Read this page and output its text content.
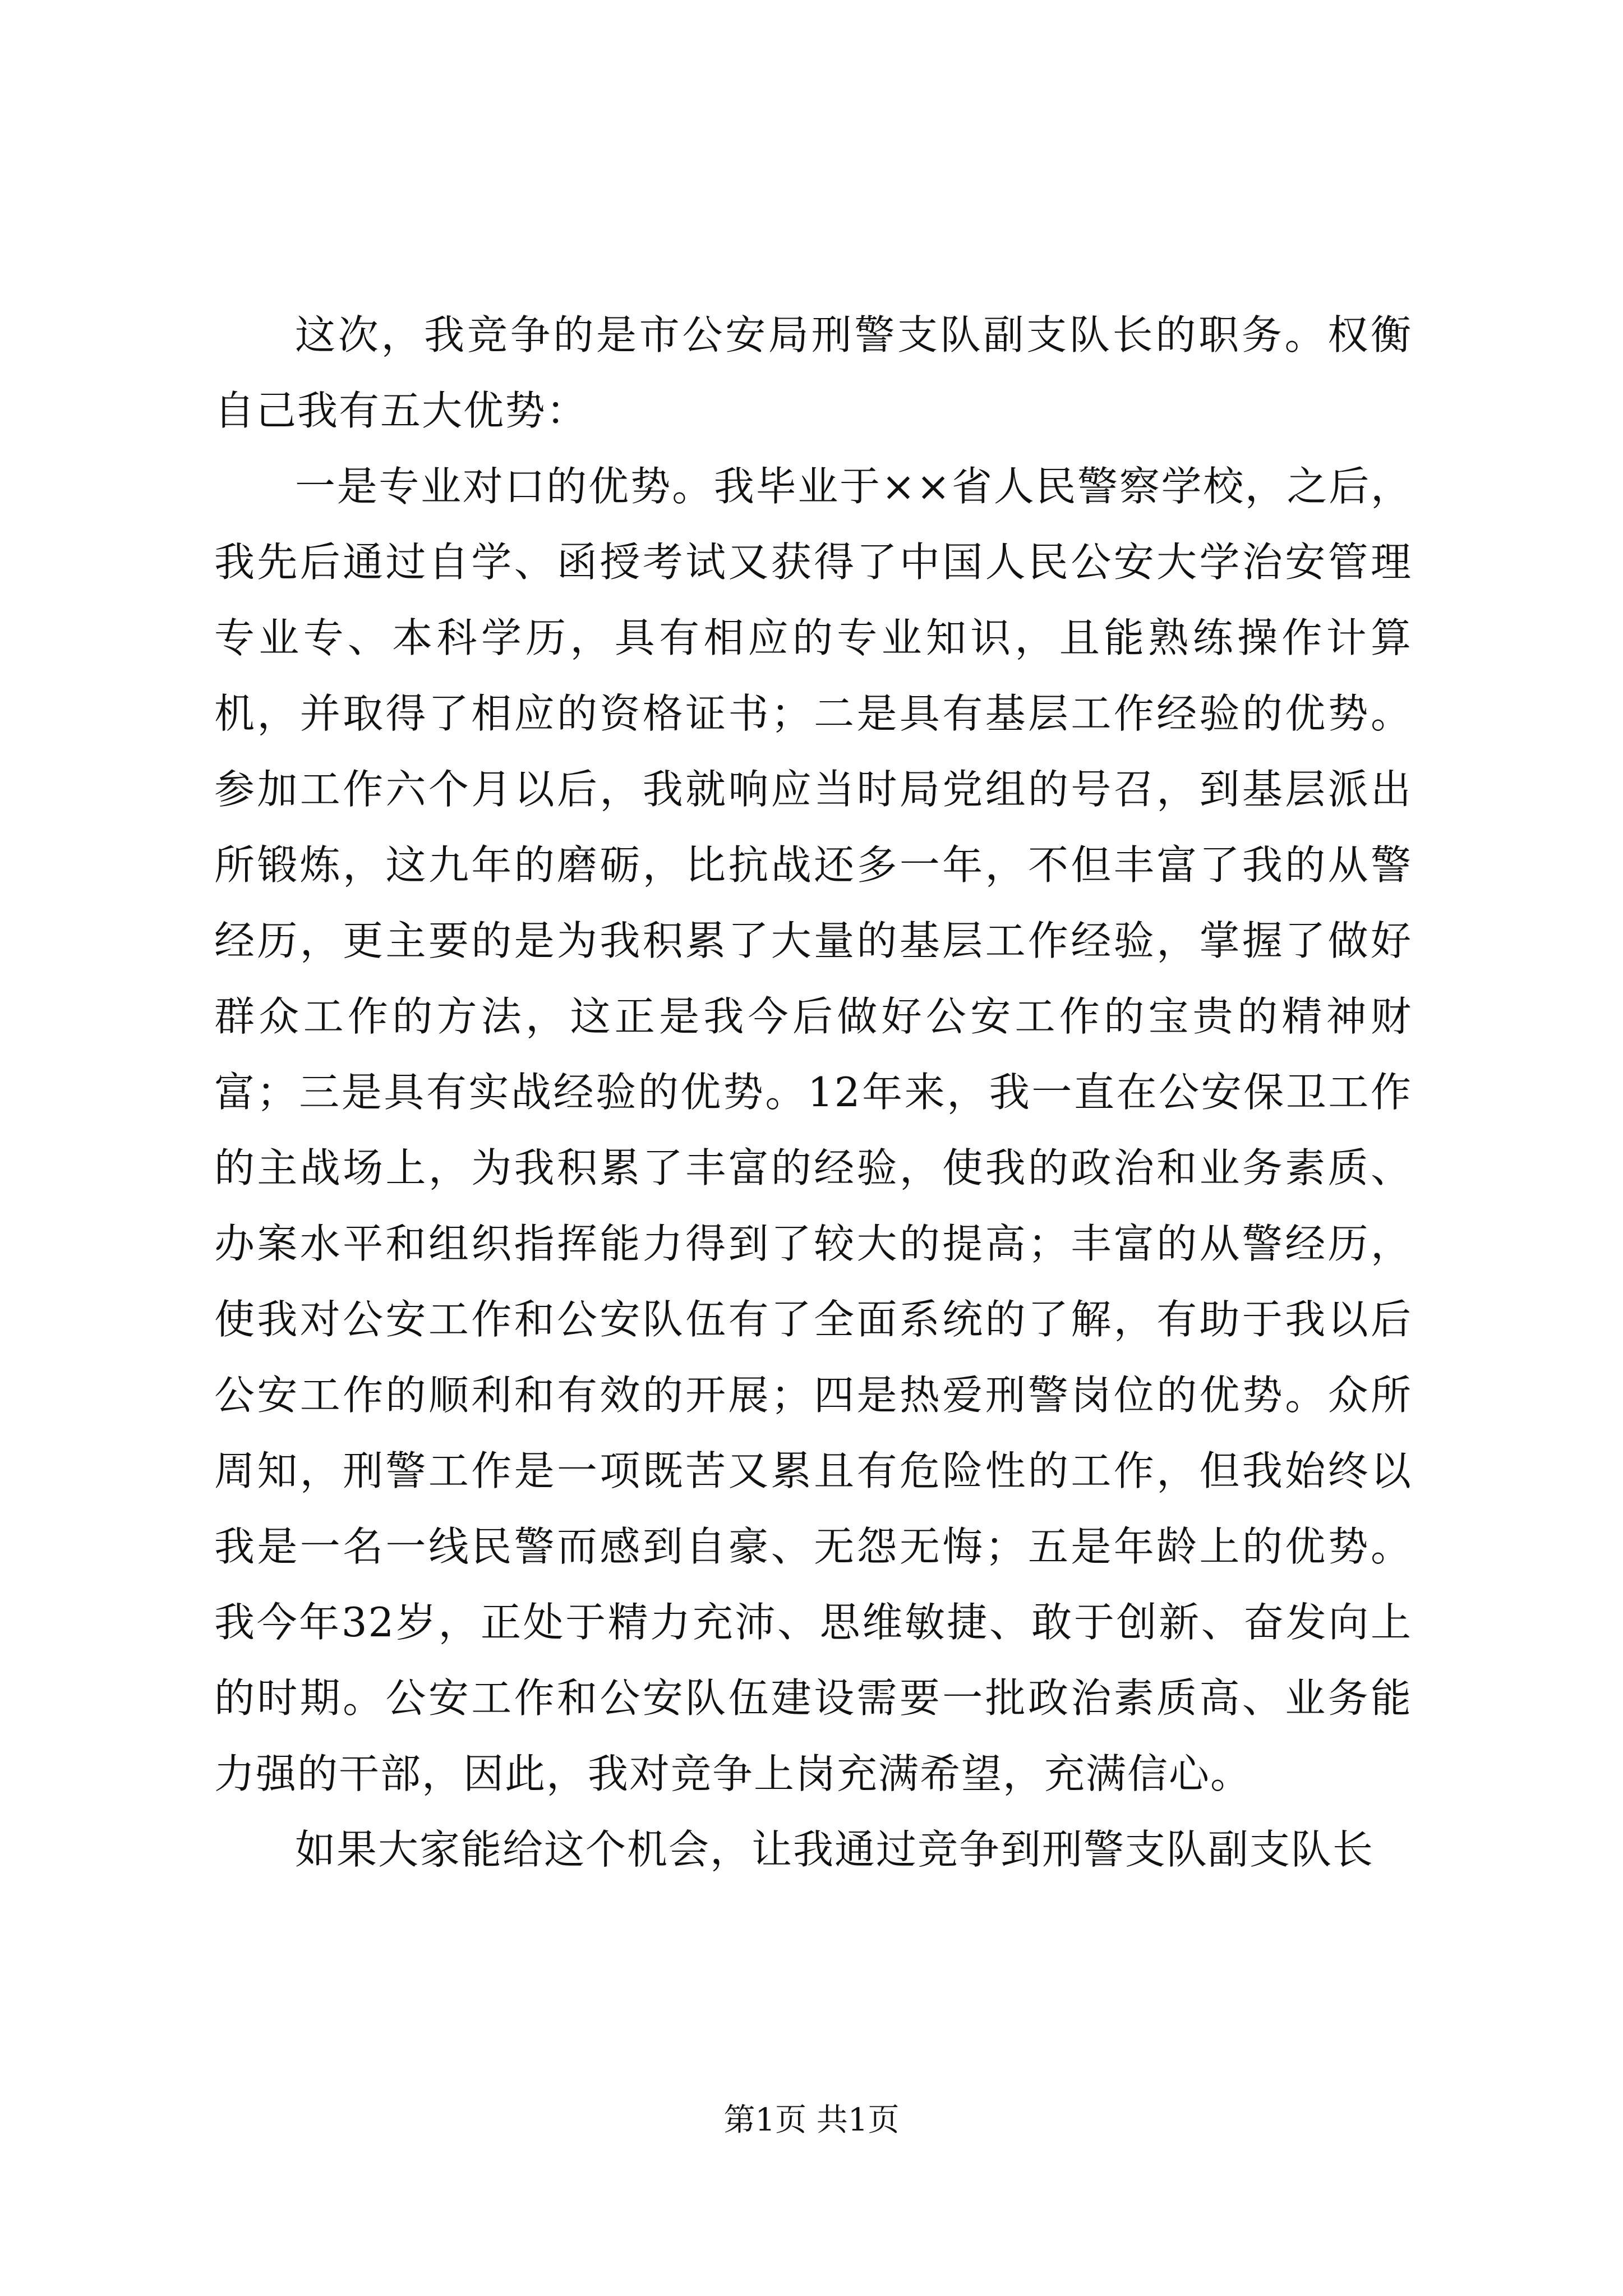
这次，我竞争的是市公安局刑警支队副支队长的职务。权衡自己我有五大优势：

一是专业对口的优势。我毕业于××省人民警察学校，之后，我先后通过自学、函授考试又获得了中国人民公安大学治安管理专业专、本科学历，具有相应的专业知识，且能熟练操作计算机，并取得了相应的资格证书；二是具有基层工作经验的优势。参加工作六个月以后，我就响应当时局党组的号召，到基层派出所锻炼，这九年的磨砺，比抗战还多一年，不但丰富了我的从警经历，更主要的是为我积累了大量的基层工作经验，掌握了做好群众工作的方法，这正是我今后做好公安工作的宝贵的精神财富；三是具有实战经验的优势。12年来，我一直在公安保卫工作的主战场上，为我积累了丰富的经验，使我的政治和业务素质、办案水平和组织指挥能力得到了较大的提高；丰富的从警经历，使我对公安工作和公安队伍有了全面系统的了解，有助于我以后公安工作的顺利和有效的开展；四是热爱刑警岗位的优势。众所周知，刑警工作是一项既苦又累且有危险性的工作，但我始终以我是一名一线民警而感到自豪、无怨无悔；五是年龄上的优势。我今年32岁，正处于精力充沛、思维敏捷、敢于创新、奋发向上的时期。公安工作和公安队伍建设需要一批政治素质高、业务能力强的干部，因此，我对竞争上岗充满希望，充满信心。

如果大家能给这个机会，让我通过竞争到刑警支队副支队长

第1页 共1页
